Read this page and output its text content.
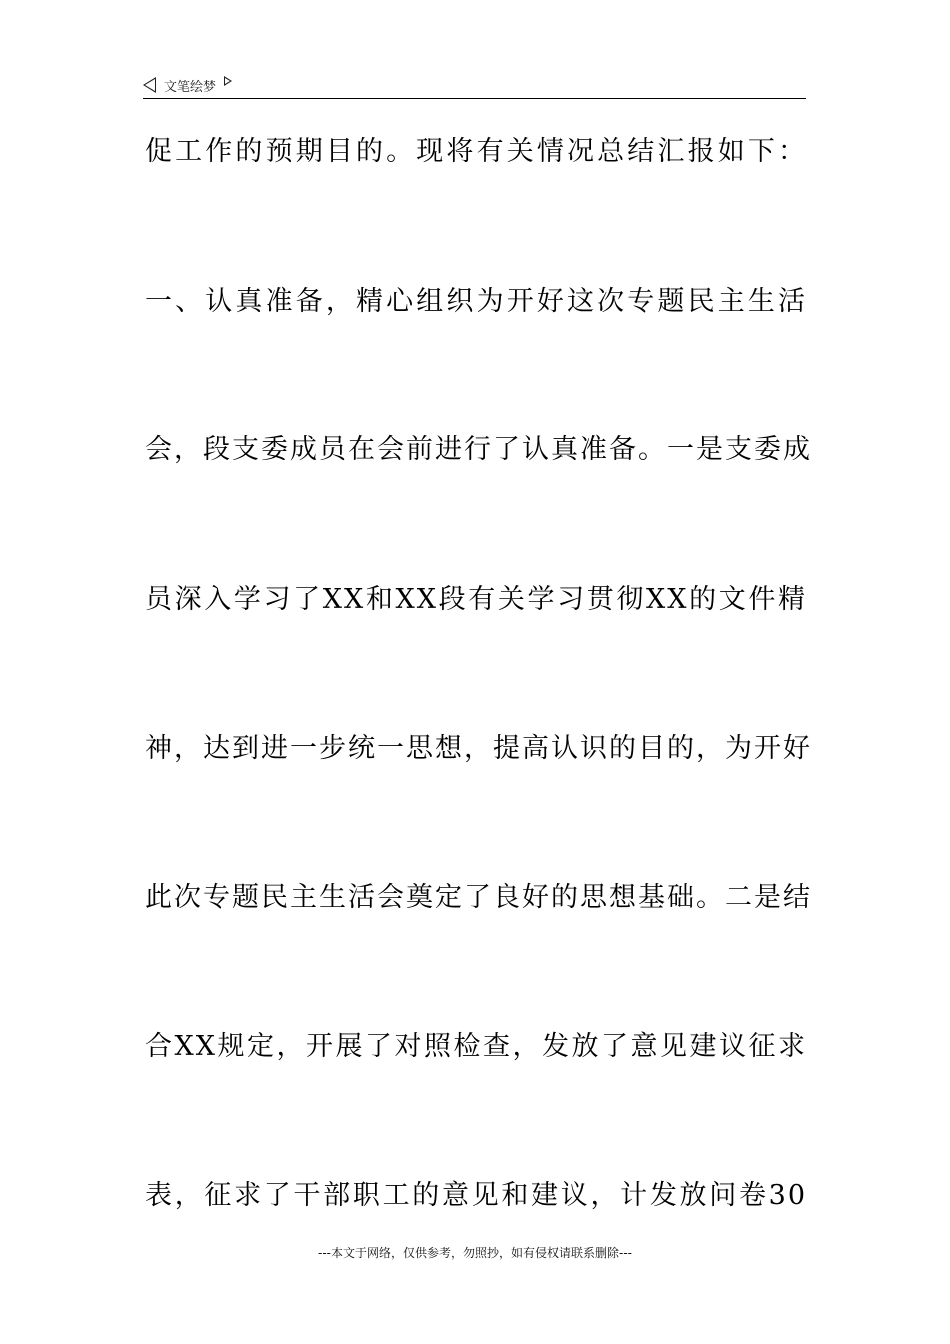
文笔绘梦
促工作的预期目的。现将有关情况总结汇报如下：
一、认真准备，精心组织为开好这次专题民主生活
会，段支委成员在会前进行了认真准备。一是支委成
员深入学习了XX和XX段有关学习贯彻XX的文件精
神，达到进一步统一思想，提高认识的目的，为开好
此次专题民主生活会奠定了良好的思想基础。二是结
合XX规定，开展了对照检查，发放了意见建议征求
表，征求了干部职工的意见和建议，计发放问卷30
---本文于网络，仅供参考，勿照抄，如有侵权请联系删除---
